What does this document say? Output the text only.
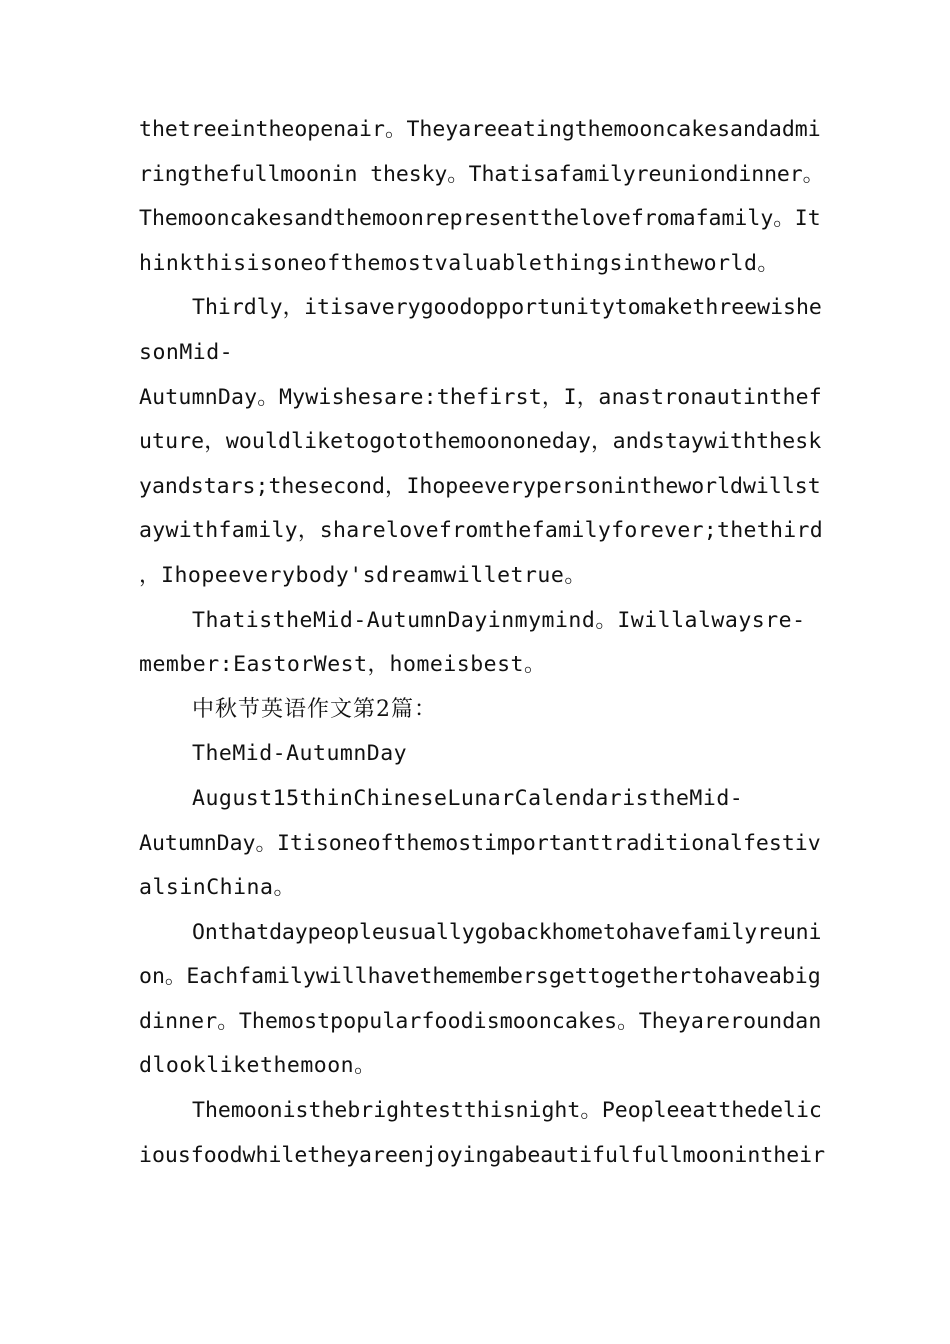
thetreeintheopenair。Theyareeatingthemooncakesandadmi
ringthefullmoonin thesky。Thatisafamilyreuniondinner。
Themooncakesandthemoonrepresentthelovefromafamily。It
hinkthisisoneofthemostvaluablethingsintheworld。
Thirdly，itisaverygoodopportunitytomakethreewishe
sonMid-
AutumnDay。Mywishesare:thefirst，I，anastronautinthef
uture，wouldliketogotothemoononeday，andstaywiththesk
yandstars;thesecond，Ihopeeverypersonintheworldwillst
aywithfamily，sharelovefromthefamilyforever;thethird
，Ihopeeverybody'sdreamwilletrue。
ThatistheMid-AutumnDayinmymind。Iwillalwaysre-
member:EastorWest，homeisbest。
中秋节英语作文第2篇：
TheMid-AutumnDay
August15thinChineseLunarCalendaristheMid-
AutumnDay。Itisoneofthemostimportanttraditionalfestiv
alsinChina。
Onthatdaypeopleusuallygobackhometohavefamilyreuni
on。Eachfamilywillhavethemembersgettogethertohaveabig
dinner。Themostpopularfoodismooncakes。Theyareroundan
dlooklikethemoon。
Themoonisthebrightestthisnight。Peopleeatthedelic
iousfoodwhiletheyareenjoyingabeautifulfullmoonintheir
